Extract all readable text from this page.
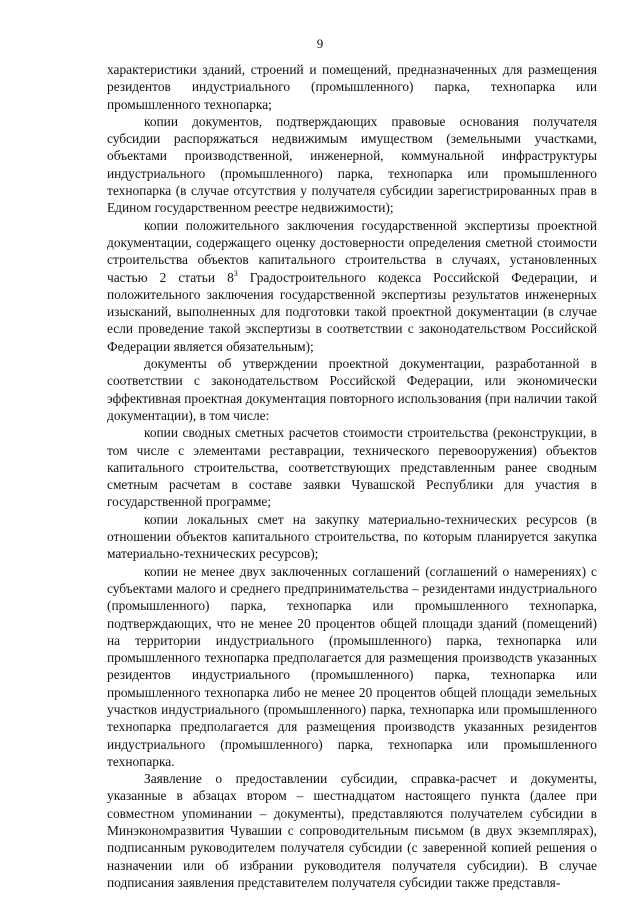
9

характеристики зданий, строений и помещений, предназначенных для размещения резидентов индустриального (промышленного) парка, технопарка или промышленного технопарка;

копии документов, подтверждающих правовые основания получателя субсидии распоряжаться недвижимым имуществом (земельными участками, объектами производственной, инженерной, коммунальной инфраструктуры индустриального (промышленного) парка, технопарка или промышленного технопарка (в случае отсутствия у получателя субсидии зарегистрированных прав в Едином государственном реестре недвижимости);

копии положительного заключения государственной экспертизы проектной документации, содержащего оценку достоверности определения сметной стоимости строительства объектов капитального строительства в случаях, установленных частью 2 статьи $8^3$ Градостроительного кодекса Российской Федерации, и положительного заключения государственной экспертизы результатов инженерных изысканий, выполненных для подготовки такой проектной документации (в случае если проведение такой экспертизы в соответствии с законодательством Российской Федерации является обязательным);

документы об утверждении проектной документации, разработанной в соответствии с законодательством Российской Федерации, или экономически эффективная проектная документация повторного использования (при наличии такой документации), в том числе:

копии сводных сметных расчетов стоимости строительства (реконструкции, в том числе с элементами реставрации, технического перевооружения) объектов капитального строительства, соответствующих представленным ранее сводным сметным расчетам в составе заявки Чувашской Республики для участия в государственной программе;

копии локальных смет на закупку материально-технических ресурсов (в отношении объектов капитального строительства, по которым планируется закупка материально-технических ресурсов);

копии не менее двух заключенных соглашений (соглашений о намерениях) с субъектами малого и среднего предпринимательства – резидентами индустриального (промышленного) парка, технопарка или промышленного технопарка, подтверждающих, что не менее 20 процентов общей площади зданий (помещений) на территории индустриального (промышленного) парка, технопарка или промышленного технопарка предполагается для размещения производств указанных резидентов индустриального (промышленного) парка, технопарка или промышленного технопарка либо не менее 20 процентов общей площади земельных участков индустриального (промышленного) парка, технопарка или промышленного технопарка предполагается для размещения производств указанных резидентов индустриального (промышленного) парка, технопарка или промышленного технопарка.

Заявление о предоставлении субсидии, справка-расчет и документы, указанные в абзацах втором – шестнадцатом настоящего пункта (далее при совместном упоминании – документы), представляются получателем субсидии в Минэкономразвития Чувашии с сопроводительным письмом (в двух экземплярах), подписанным руководителем получателя субсидии (с заверенной копией решения о назначении или об избрании руководителя получателя субсидии). В случае подписания заявления представителем получателя субсидии также представля-
